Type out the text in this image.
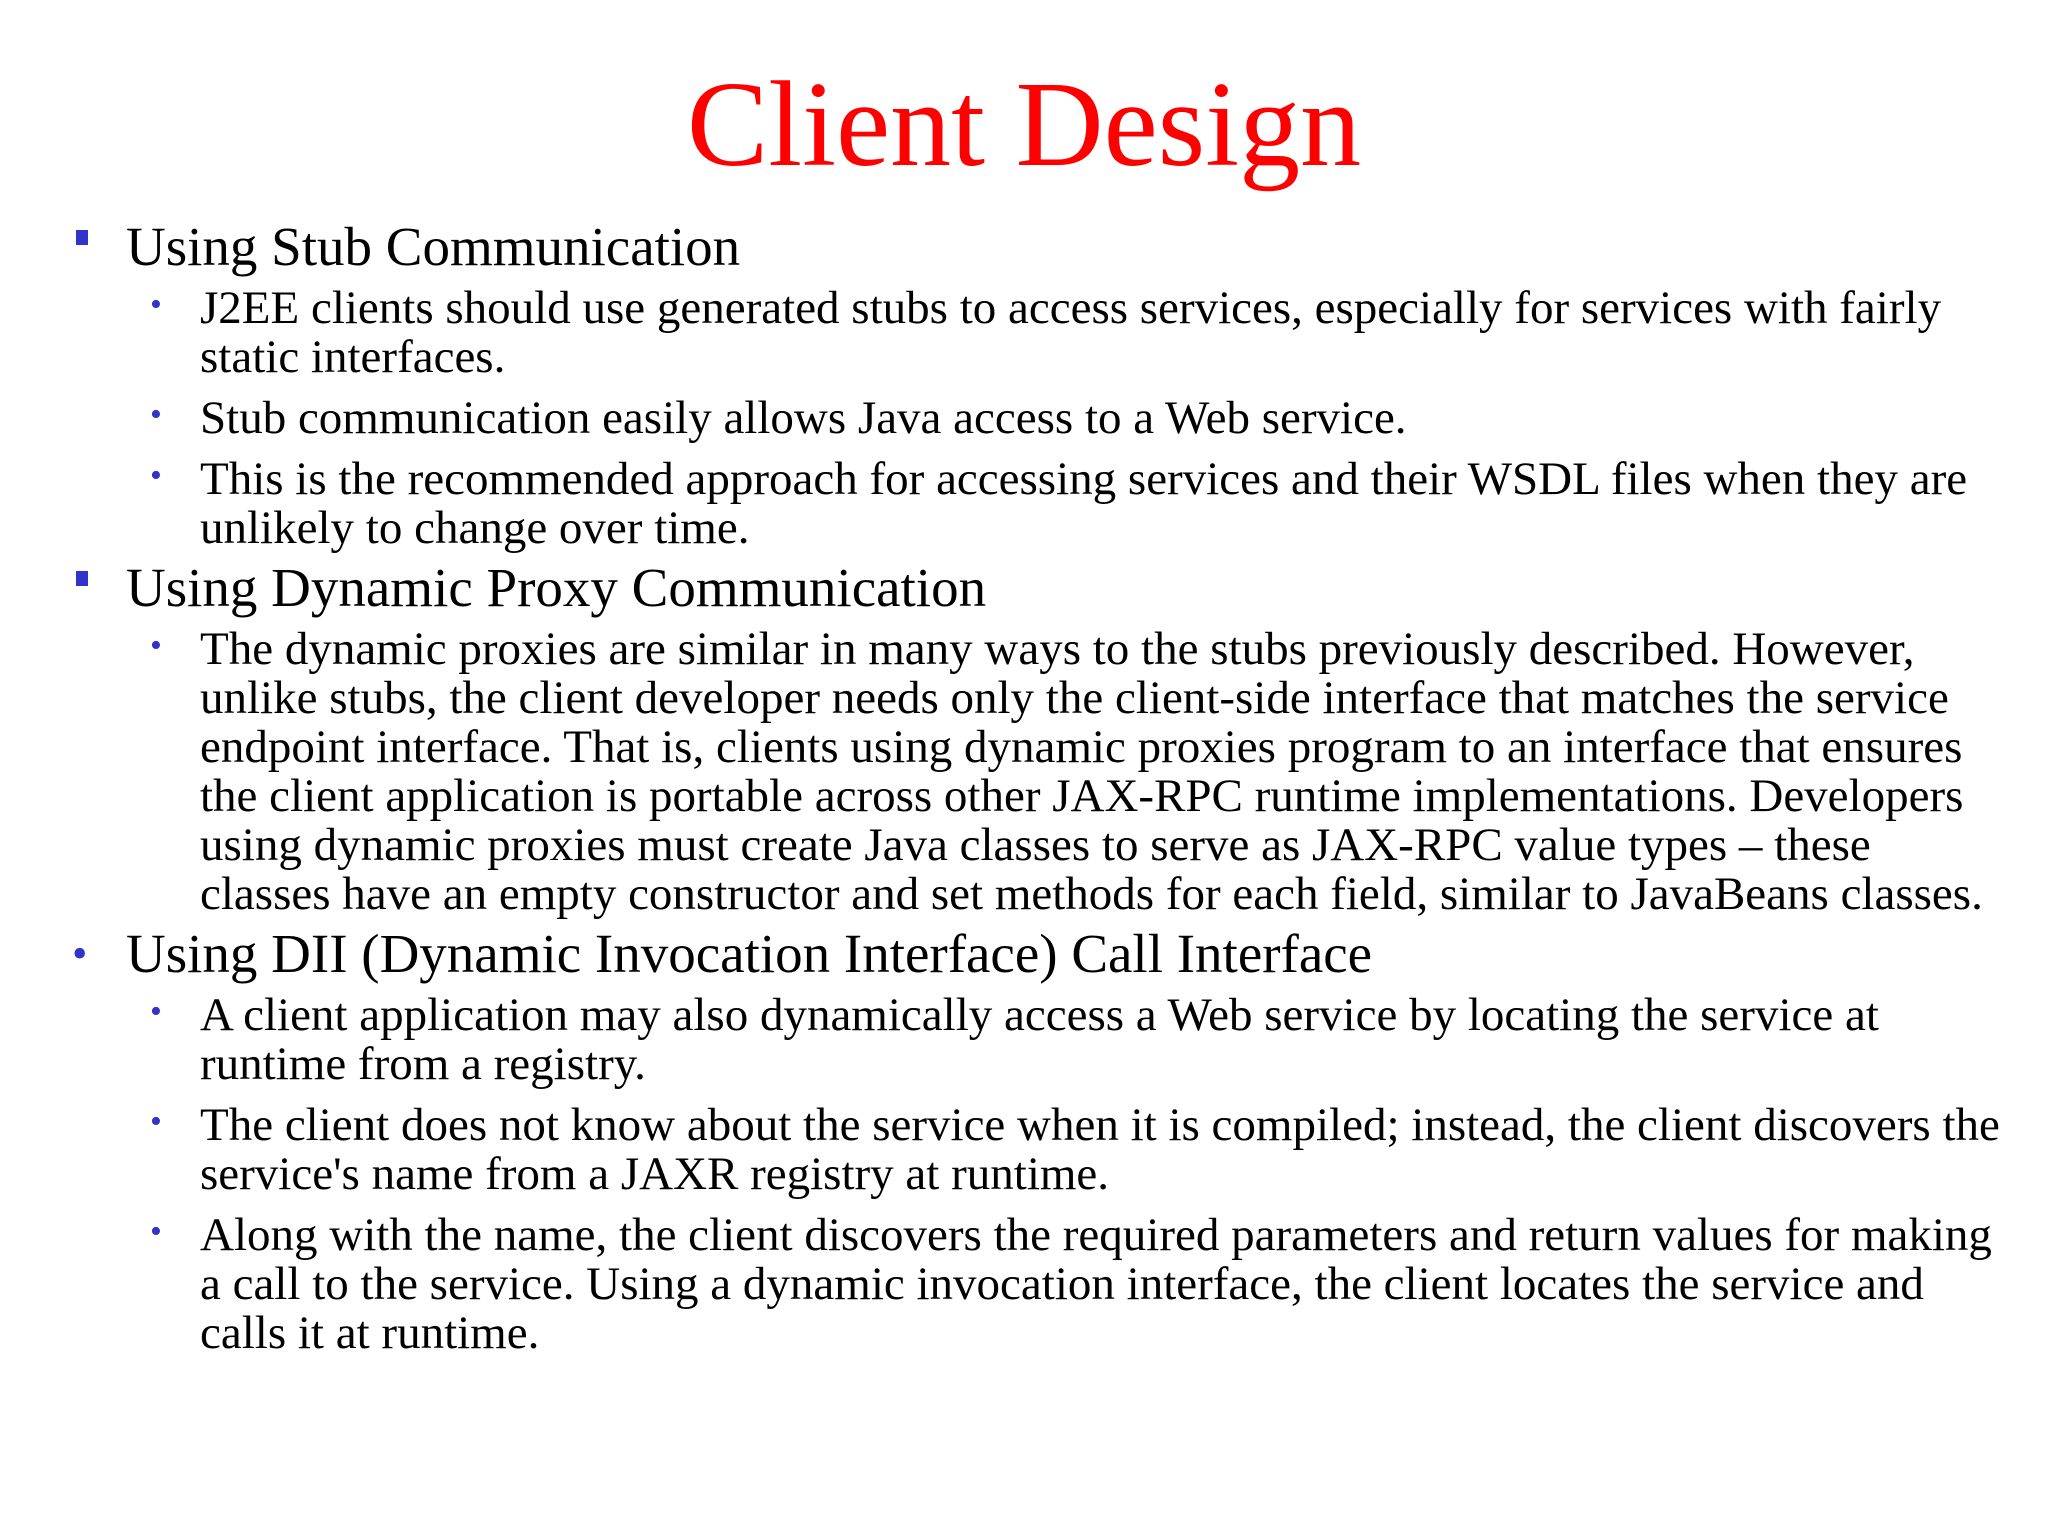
Client Design
Using Stub Communication
• J2EE clients should use generated stubs to access services, especially for services with fairly static interfaces.
• Stub communication easily allows Java access to a Web service.
• This is the recommended approach for accessing services and their WSDL files when they are unlikely to change over time.
Using Dynamic Proxy Communication
• The dynamic proxies are similar in many ways to the stubs previously described. However, unlike stubs, the client developer needs only the client-side interface that matches the service endpoint interface. That is, clients using dynamic proxies program to an interface that ensures the client application is portable across other JAX-RPC runtime implementations. Developers using dynamic proxies must create Java classes to serve as JAX-RPC value types – these classes have an empty constructor and set methods for each field, similar to JavaBeans classes.
• Using DII (Dynamic Invocation Interface) Call Interface
• A client application may also dynamically access a Web service by locating the service at runtime from a registry.
• The client does not know about the service when it is compiled; instead, the client discovers the service's name from a JAXR registry at runtime.
• Along with the name, the client discovers the required parameters and return values for making a call to the service. Using a dynamic invocation interface, the client locates the service and calls it at runtime.
